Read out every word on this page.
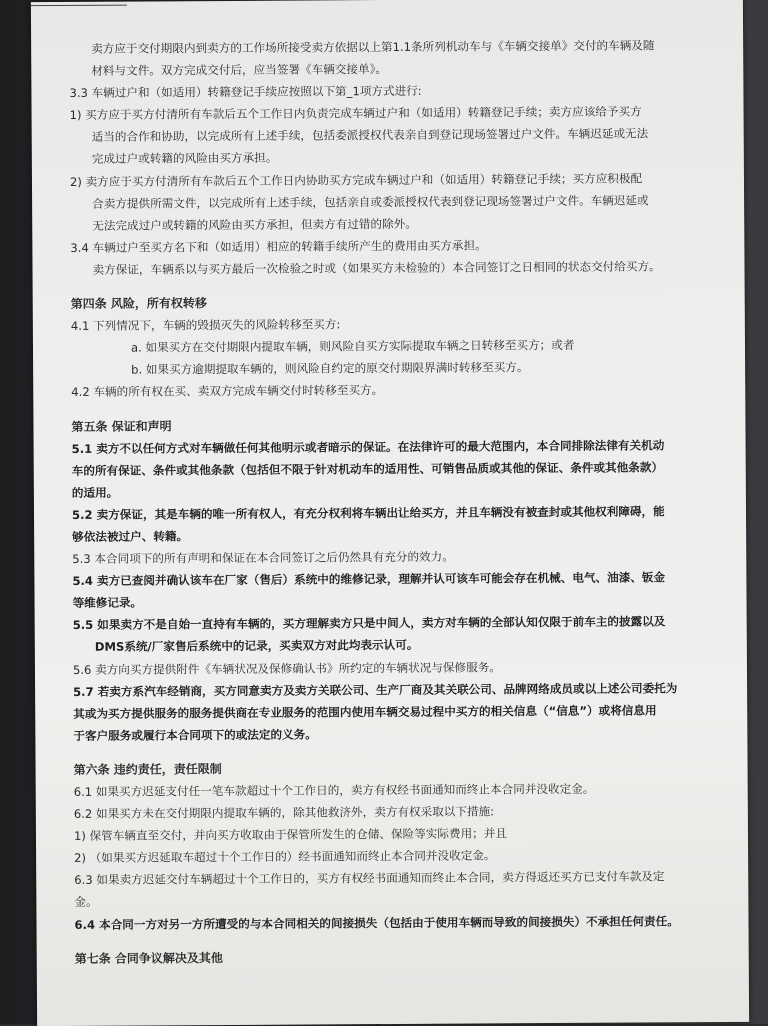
卖方应于交付期限内到卖方的工作场所接受卖方依据以上第1.1条所列机动车与《车辆交接单》交付的车辆及随
材料与文件。双方完成交付后，应当签署《车辆交接单》。
3.3 车辆过户和（如适用）转籍登记手续应按照以下第_1项方式进行:
1) 买方应于买方付清所有车款后五个工作日内负责完成车辆过户和（如适用）转籍登记手续；卖方应该给予买方
适当的合作和协助，以完成所有上述手续，包括委派授权代表亲自到登记现场签署过户文件。车辆迟延或无法
完成过户或转籍的风险由买方承担。
2) 卖方应于买方付清所有车款后五个工作日内协助买方完成车辆过户和（如适用）转籍登记手续；买方应积极配
合卖方提供所需文件，以完成所有上述手续，包括亲自或委派授权代表到登记现场签署过户文件。车辆迟延或
无法完成过户或转籍的风险由买方承担，但卖方有过错的除外。
3.4 车辆过户至买方名下和（如适用）相应的转籍手续所产生的费用由买方承担。
卖方保证，车辆系以与买方最后一次检验之时或（如果买方未检验的）本合同签订之日相同的状态交付给买方。
第四条 风险，所有权转移
4.1 下列情况下，车辆的毁损灭失的风险转移至买方:
a. 如果买方在交付期限内提取车辆，则风险自买方实际提取车辆之日转移至买方；或者
b. 如果买方逾期提取车辆的，则风险自约定的原交付期限界满时转移至买方。
4.2 车辆的所有权在买、卖双方完成车辆交付时转移至买方。
第五条 保证和声明
5.1 卖方不以任何方式对车辆做任何其他明示或者暗示的保证。在法律许可的最大范围内，本合同排除法律有关机动
车的所有保证、条件或其他条款（包括但不限于针对机动车的适用性、可销售品质或其他的保证、条件或其他条款）
的适用。
5.2 卖方保证，其是车辆的唯一所有权人，有充分权利将车辆出让给买方，并且车辆没有被查封或其他权利障碍，能
够依法被过户、转籍。
5.3 本合同项下的所有声明和保证在本合同签订之后仍然具有充分的效力。
5.4 卖方已查阅并确认该车在厂家（售后）系统中的维修记录，理解并认可该车可能会存在机械、电气、油漆、钣金
等维修记录。
5.5 如果卖方不是自始一直持有车辆的，买方理解卖方只是中间人，卖方对车辆的全部认知仅限于前车主的披露以及
DMS系统/厂家售后系统中的记录，买卖双方对此均表示认可。
5.6 卖方向买方提供附件《车辆状况及保修确认书》所约定的车辆状况与保修服务。
5.7 若卖方系汽车经销商，买方同意卖方及卖方关联公司、生产厂商及其关联公司、品牌网络成员或以上述公司委托为
其或为买方提供服务的服务提供商在专业服务的范围内使用车辆交易过程中买方的相关信息（“信息”）或将信息用
于客户服务或履行本合同项下的或法定的义务。
第六条 违约责任，责任限制
6.1 如果买方迟延支付任一笔车款超过十个工作日的，卖方有权经书面通知而终止本合同并没收定金。
6.2 如果买方未在交付期限内提取车辆的，除其他救济外，卖方有权采取以下措施:
1) 保管车辆直至交付，并向买方收取由于保管所发生的仓储、保险等实际费用；并且
2) （如果买方迟延取车超过十个工作日的）经书面通知而终止本合同并没收定金。
6.3 如果卖方迟延交付车辆超过十个工作日的，买方有权经书面通知而终止本合同，卖方得返还买方已支付车款及定
金。
6.4 本合同一方对另一方所遭受的与本合同相关的间接损失（包括由于使用车辆而导致的间接损失）不承担任何责任。
第七条 合同争议解决及其他
